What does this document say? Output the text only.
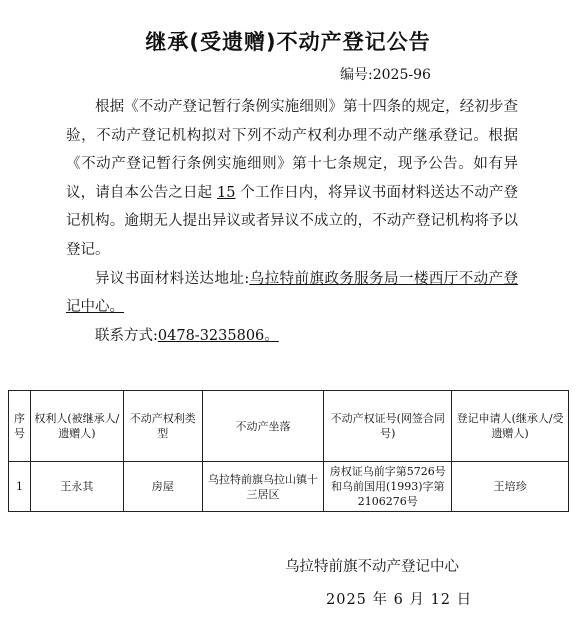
继承(受遗赠)不动产登记公告
编号:2025-96

根据《不动产登记暂行条例实施细则》第十四条的规定，经初步查验，不动产登记机构拟对下列不动产权利办理不动产继承登记。根据《不动产登记暂行条例实施细则》第十七条规定，现予公告。如有异议，请自本公告之日起 15 个工作日内，将异议书面材料送达不动产登记机构。逾期无人提出异议或者异议不成立的，不动产登记机构将予以登记。

异议书面材料送达地址:乌拉特前旗政务服务局一楼西厅不动产登记中心。

联系方式:0478-3235806。

序号	权利人(被继承人/遗赠人)	不动产权利类型	不动产坐落	不动产权证号(网签合同号)	登记申请人(继承人/受遗赠人)
1	王永其	房屋	乌拉特前旗乌拉山镇十三居区	房权证乌前字第5726号和乌前国用(1993)字第2106276号	王培珍
乌拉特前旗不动产登记中心
2025 年 6 月 12 日
